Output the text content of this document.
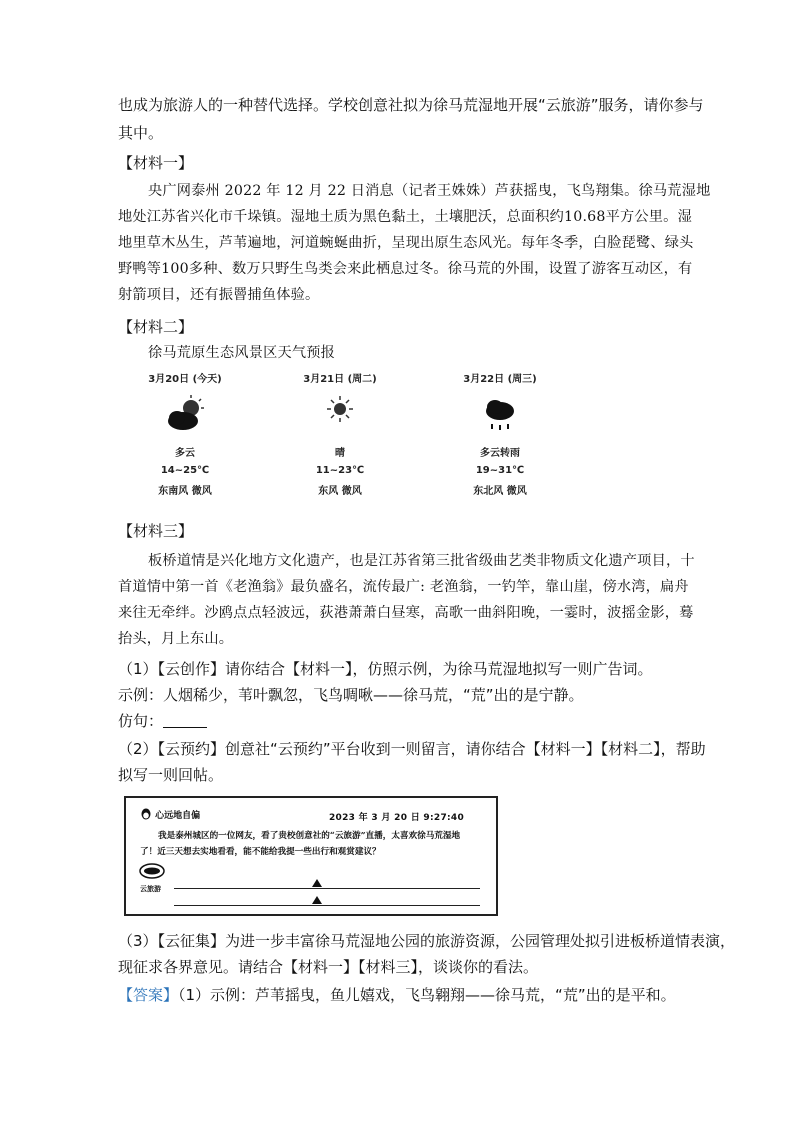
也成为旅游人的一种替代选择。学校创意社拟为徐马荒湿地开展“云旅游”服务，请你参与
其中。
【材料一】
央广网泰州 2022 年 12 月 22 日消息（记者王姝姝）芦获摇曳，飞鸟翔集。徐马荒湿地
地处江苏省兴化市千垛镇。湿地土质为黑色黏土，土壤肥沃，总面积约10.68平方公里。湿
地里草木丛生，芦苇遍地，河道蜿蜒曲折，呈现出原生态风光。每年冬季，白脸琵鹭、绿头
野鸭等100多种、数万只野生鸟类会来此栖息过冬。徐马荒的外围，设置了游客互动区，有
射箭项目，还有振罾捕鱼体验。
【材料二】
徐马荒原生态风景区天气预报
3月20日 (今天)
多云
14~25℃
东南风 微风
3月21日 (周二)
晴
11~23℃
东风 微风
3月22日 (周三)
多云转雨
19~31℃
东北风 微风
【材料三】
板桥道情是兴化地方文化遗产，也是江苏省第三批省级曲艺类非物质文化遗产项目，十
首道情中第一首《老渔翁》最负盛名，流传最广: 老渔翁，一钓竿，靠山崖，傍水湾，扁舟
来往无牵绊。沙鸥点点轻波远，荻港萧萧白昼寒，高歌一曲斜阳晚，一霎时，波摇金影，蓦
抬头，月上东山。
（1）【云创作】请你结合【材料一】，仿照示例，为徐马荒湿地拟写一则广告词。
示例：人烟稀少，苇叶飘忽，飞鸟啁啾——徐马荒，“荒”出的是宁静。
仿句：
（2）【云预约】创意社“云预约”平台收到一则留言，请你结合【材料一】【材料二】，帮助
拟写一则回帖。
心远地自偏	2023 年 3 月 20 日 9:27:40
我是泰州城区的一位网友，看了贵校创意社的“云旅游”直播，太喜欢徐马荒湿地
了！近三天想去实地看看，能不能给我提一些出行和观赏建议？
云旅游
（3）【云征集】为进一步丰富徐马荒湿地公园的旅游资源，公园管理处拟引进板桥道情表演，
现征求各界意见。请结合【材料一】【材料三】，谈谈你的看法。
【答案】（1）示例：芦苇摇曳，鱼儿嬉戏，飞鸟翱翔——徐马荒，“荒”出的是平和。
